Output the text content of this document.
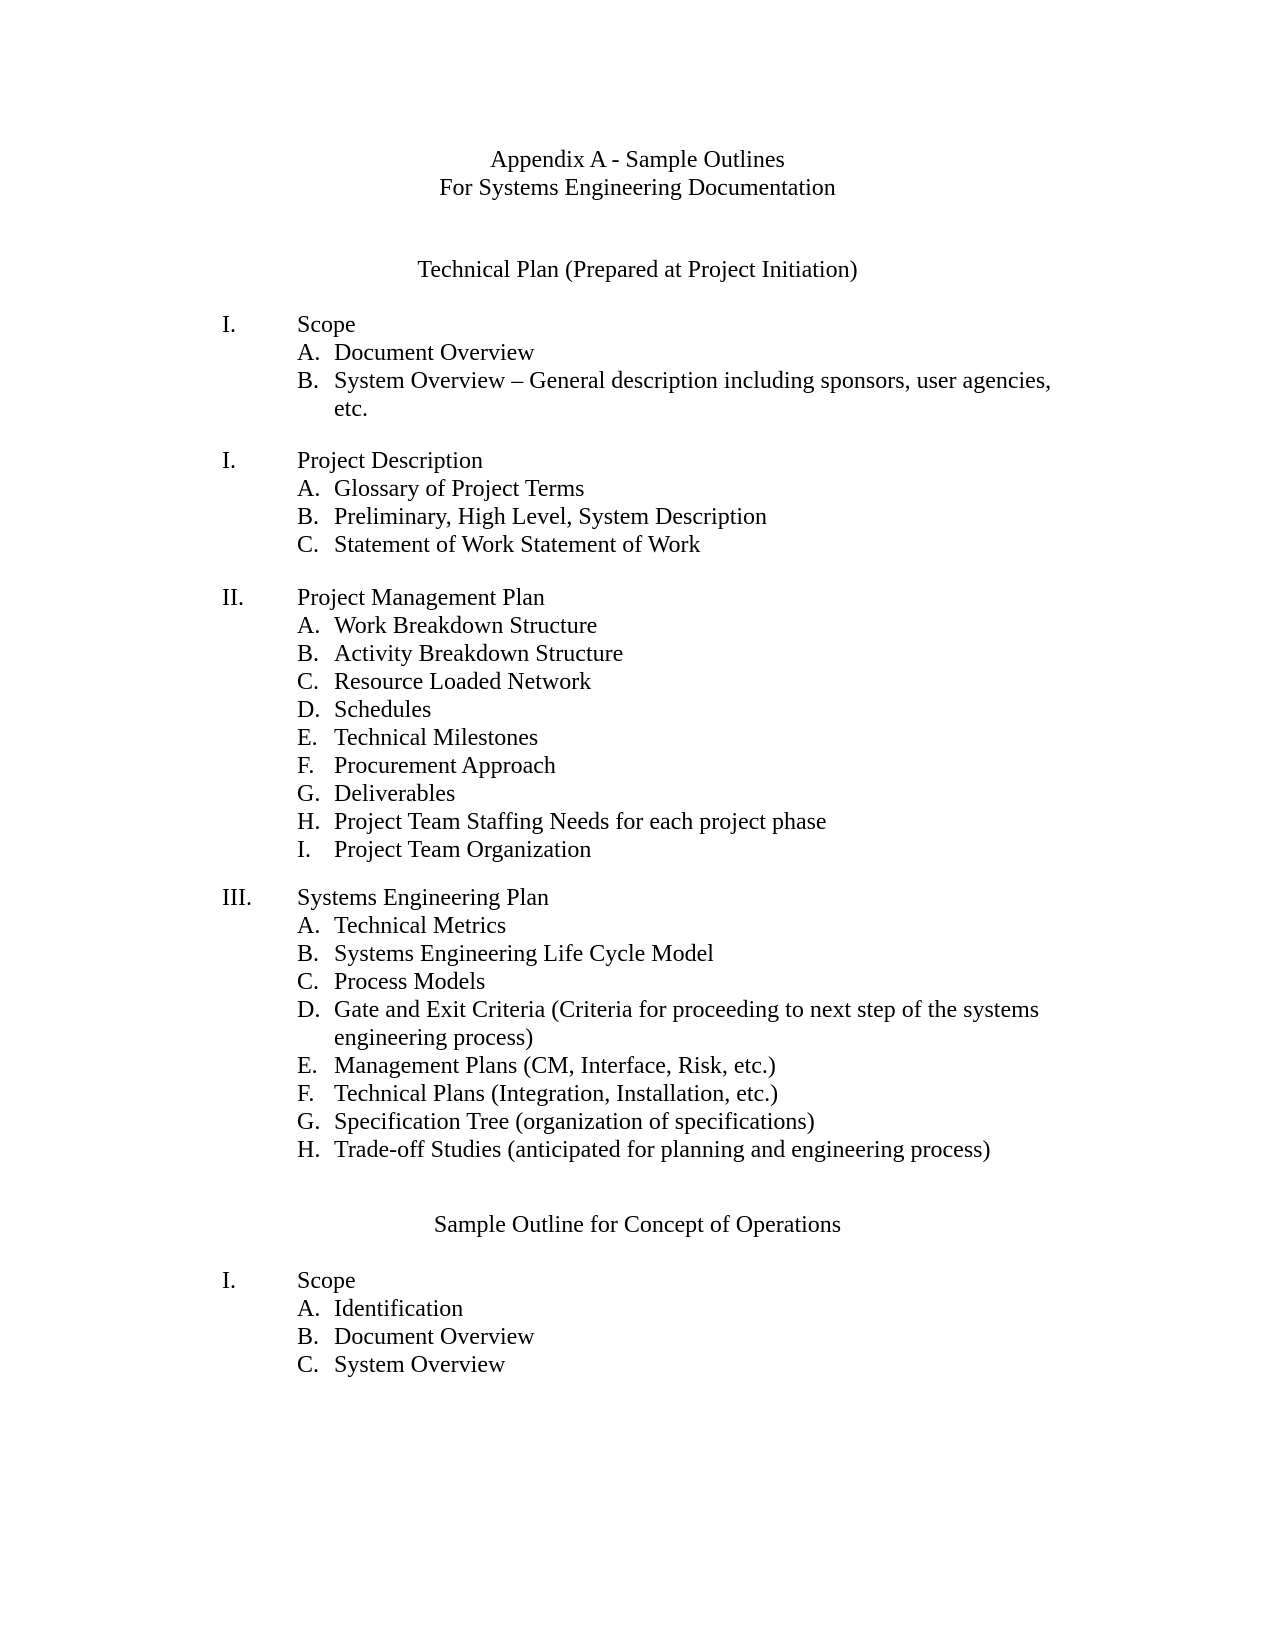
Appendix A - Sample Outlines
For Systems Engineering Documentation
Technical Plan (Prepared at Project Initiation)
I.	Scope
A. Document Overview
B. System Overview – General description including sponsors, user agencies, etc.
I.	Project Description
A. Glossary of Project Terms
B. Preliminary, High Level, System Description
C. Statement of Work Statement of Work
II. Project Management Plan
A. Work Breakdown Structure
B. Activity Breakdown Structure
C. Resource Loaded Network
D. Schedules
E. Technical Milestones
F. Procurement Approach
G. Deliverables
H. Project Team Staffing Needs for each project phase
I. Project Team Organization
III. Systems Engineering Plan
A. Technical Metrics
B. Systems Engineering Life Cycle Model
C. Process Models
D. Gate and Exit Criteria (Criteria for proceeding to next step of the systems engineering process)
E. Management Plans (CM, Interface, Risk, etc.)
F. Technical Plans (Integration, Installation, etc.)
G. Specification Tree (organization of specifications)
H. Trade-off Studies (anticipated for planning and engineering process)
Sample Outline for Concept of Operations
I.	Scope
A. Identification
B. Document Overview
C. System Overview
